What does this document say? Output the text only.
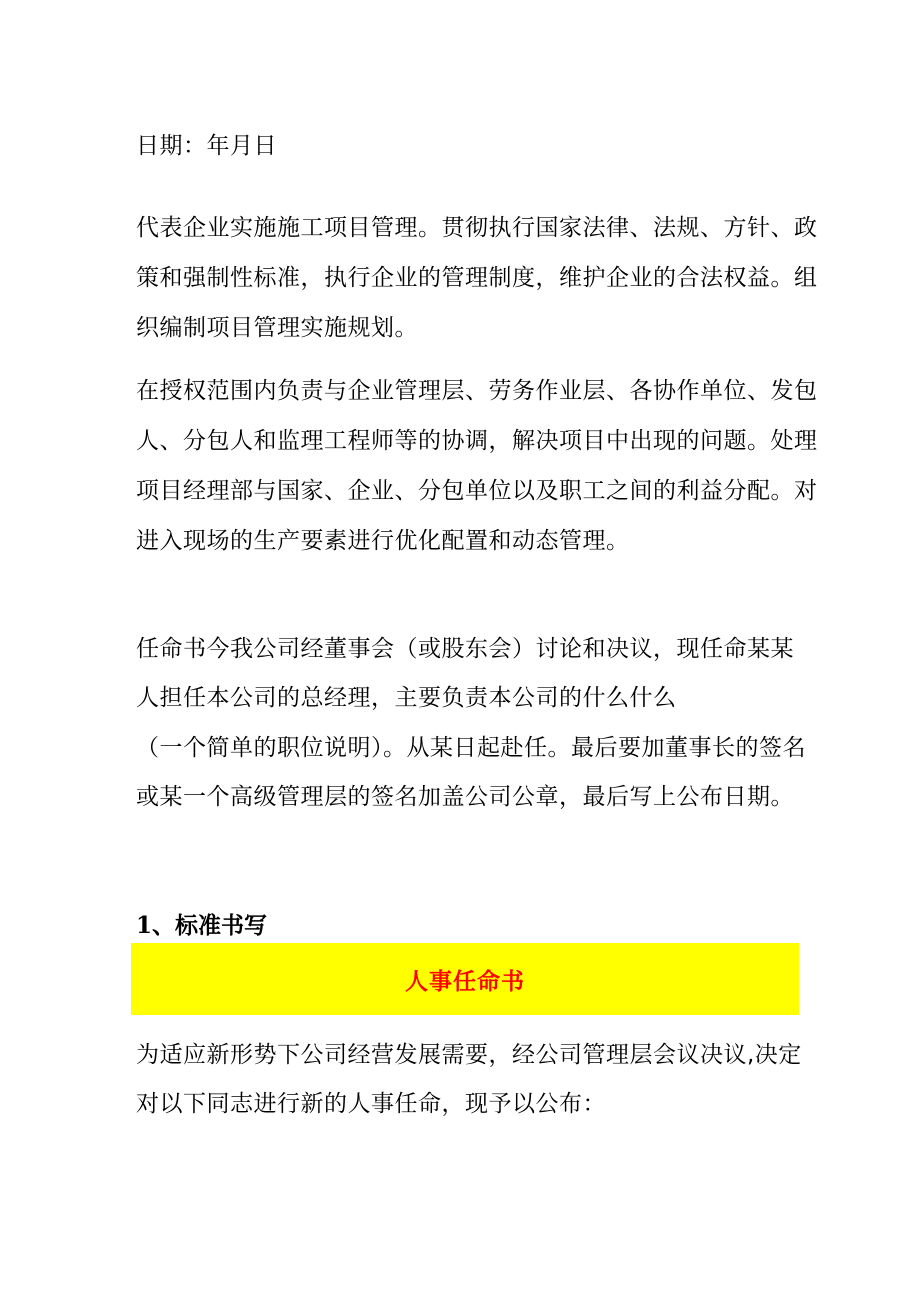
日期：年月日
代表企业实施施工项目管理。贯彻执行国家法律、法规、方针、政
策和强制性标准，执行企业的管理制度，维护企业的合法权益。组
织编制项目管理实施规划。
在授权范围内负责与企业管理层、劳务作业层、各协作单位、发包
人、分包人和监理工程师等的协调，解决项目中出现的问题。处理
项目经理部与国家、企业、分包单位以及职工之间的利益分配。对
进入现场的生产要素进行优化配置和动态管理。
任命书今我公司经董事会（或股东会）讨论和决议，现任命某某
人担任本公司的总经理，主要负责本公司的什么什么
（一个简单的职位说明）。从某日起赴任。最后要加董事长的签名
或某一个高级管理层的签名加盖公司公章，最后写上公布日期。
1、标准书写
人事任命书
为适应新形势下公司经营发展需要，经公司管理层会议决议,决定
对以下同志进行新的人事任命，现予以公布：
